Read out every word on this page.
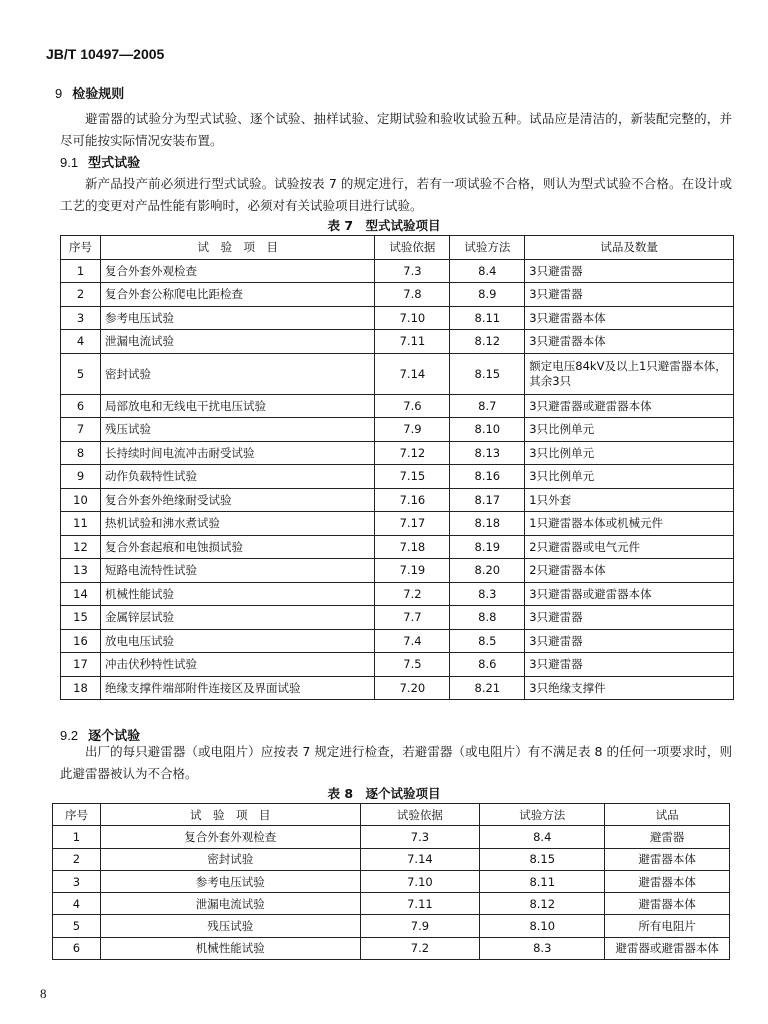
JB/T 10497—2005
9 检验规则

避雷器的试验分为型式试验、逐个试验、抽样试验、定期试验和验收试验五种。试品应是清洁的，新装配完整的，并尽可能按实际情况安装布置。

9.1 型式试验

新产品投产前必须进行型式试验。试验按表 7 的规定进行，若有一项试验不合格，则认为型式试验不合格。在设计或工艺的变更对产品性能有影响时，必须对有关试验项目进行试验。

表 7　型式试验项目
序号	试　验　项　目	试验依据	试验方法	试品及数量
1	复合外套外观检查	7.3	8.4	3只避雷器
2	复合外套公称爬电比距检查	7.8	8.9	3只避雷器
3	参考电压试验	7.10	8.11	3只避雷器本体
4	泄漏电流试验	7.11	8.12	3只避雷器本体
5	密封试验	7.14	8.15	额定电压84kV及以上1只避雷器本体，其余3只
6	局部放电和无线电干扰电压试验	7.6	8.7	3只避雷器或避雷器本体
7	残压试验	7.9	8.10	3只比例单元
8	长持续时间电流冲击耐受试验	7.12	8.13	3只比例单元
9	动作负载特性试验	7.15	8.16	3只比例单元
10	复合外套外绝缘耐受试验	7.16	8.17	1只外套
11	热机试验和沸水煮试验	7.17	8.18	1只避雷器本体或机械元件
12	复合外套起痕和电蚀损试验	7.18	8.19	2只避雷器或电气元件
13	短路电流特性试验	7.19	8.20	2只避雷器本体
14	机械性能试验	7.2	8.3	3只避雷器或避雷器本体
15	金属锌层试验	7.7	8.8	3只避雷器
16	放电电压试验	7.4	8.5	3只避雷器
17	冲击伏秒特性试验	7.5	8.6	3只避雷器
18	绝缘支撑件端部附件连接区及界面试验	7.20	8.21	3只绝缘支撑件
9.2 逐个试验

出厂的每只避雷器（或电阻片）应按表 7 规定进行检查，若避雷器（或电阻片）有不满足表 8 的任何一项要求时，则此避雷器被认为不合格。

表 8　逐个试验项目
序号	试　验　项　目	试验依据	试验方法	试品
1	复合外套外观检查	7.3	8.4	避雷器
2	密封试验	7.14	8.15	避雷器本体
3	参考电压试验	7.10	8.11	避雷器本体
4	泄漏电流试验	7.11	8.12	避雷器本体
5	残压试验	7.9	8.10	所有电阻片
6	机械性能试验	7.2	8.3	避雷器或避雷器本体
8
